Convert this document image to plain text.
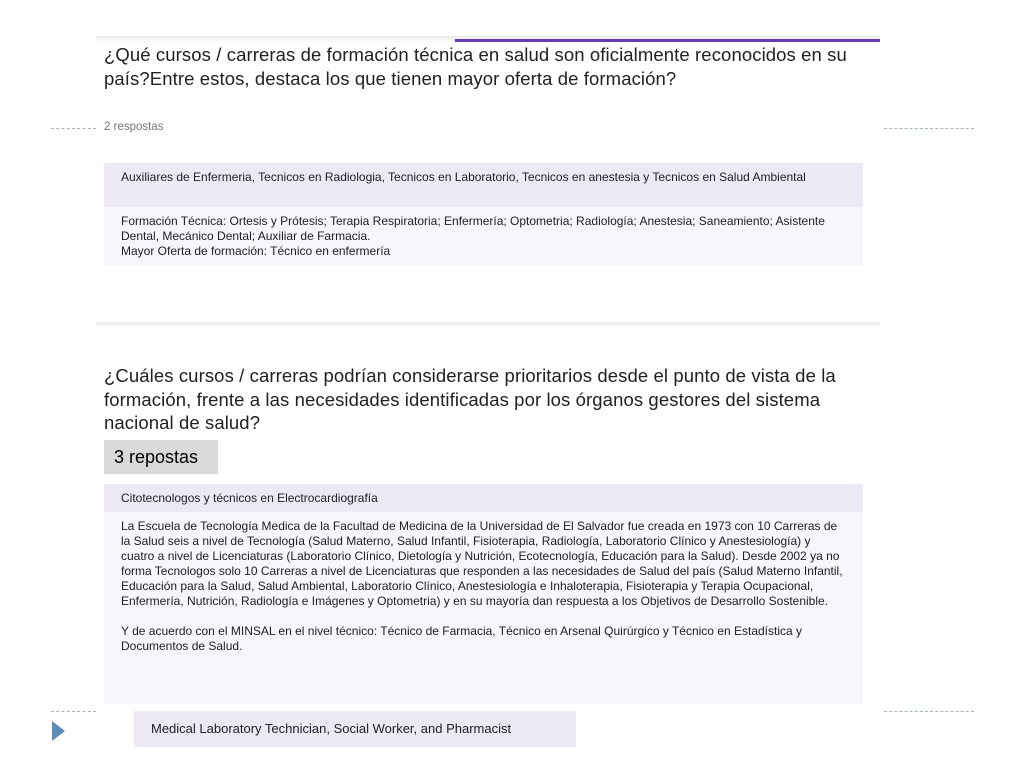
¿Qué cursos / carreras de formación técnica en salud son oficialmente reconocidos en su país?Entre estos, destaca los que tienen mayor oferta de formación?
2 respostas

Auxiliares de Enfermeria, Tecnicos en Radiologia, Tecnicos en Laboratorio, Tecnicos en anestesia y Tecnicos en Salud Ambiental

Formación Técnica: Ortesis y Prótesis; Terapia Respiratoria; Enfermería; Optometria; Radiología; Anestesia; Saneamiento; Asistente Dental, Mecánico Dental; Auxiliar de Farmacia.

Mayor Oferta de formación: Técnico en enfermería

¿Cuáles cursos / carreras podrían considerarse prioritarios desde el punto de vista de la formación, frente a las necesidades identificadas por los órganos gestores del sistema nacional de salud?
3 repostas

Citotecnologos y técnicos en Electrocardiografía

La Escuela de Tecnología Medica de la Facultad de Medicina de la Universidad de El Salvador fue creada en 1973 con 10 Carreras de la Salud seis a nivel de Tecnología (Salud Materno, Salud Infantil, Fisioterapia, Radiología, Laboratorio Clínico y Anestesiología) y cuatro a nivel de Licenciaturas (Laboratorio Clínico, Dietología y Nutrición, Ecotecnología, Educación para la Salud). Desde 2002 ya no forma Tecnologos solo 10 Carreras a nivel de Licenciaturas que responden a las necesidades de Salud del país (Salud Materno Infantil, Educación para la Salud, Salud Ambiental, Laboratorio Clínico, Anestesiología e Inhaloterapia, Fisioterapia y Terapia Ocupacional, Enfermería, Nutrición, Radiología e Imágenes y Optometria) y en su mayoría dan respuesta a los Objetivos de Desarrollo Sostenible.

Y de acuerdo con el MINSAL en el nivel técnico: Técnico de Farmacia, Técnico en Arsenal Quirúrgico y Técnico en Estadística y Documentos de Salud.

Medical Laboratory Technician, Social Worker, and Pharmacist
